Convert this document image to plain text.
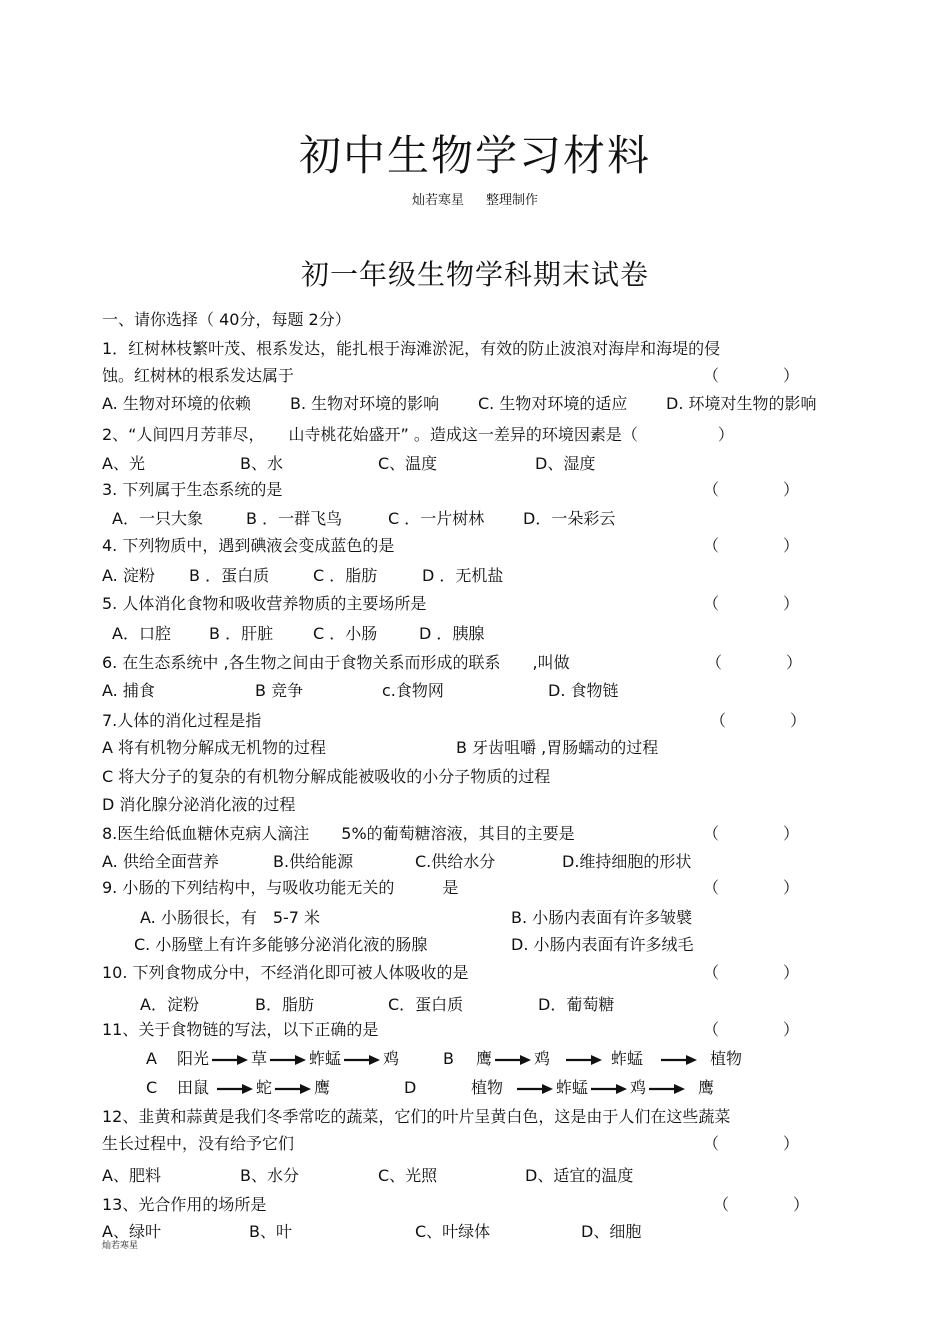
初中生物学习材料
灿若寒星 整理制作
初一年级生物学科期末试卷
一、请你选择（ 40分，每题 2分）
1．红树林枝繁叶茂、根系发达，能扎根于海滩淤泥，有效的防止波浪对海岸和海堤的侵
蚀。红树林的根系发达属于	（　　　　）
A. 生物对环境的依赖 B. 生物对环境的影响 C. 生物对环境的适应 D. 环境对生物的影响
2、“人间四月芳菲尽，　　山寺桃花始盛开” 。造成这一差异的环境因素是（　　　　　）
A、光	B、水	C、温度	D、湿度
3. 下列属于生态系统的是	（　　　　）
A．一只大象	B ．一群飞鸟	C ．一片树林 D．一朵彩云
4. 下列物质中，遇到碘液会变成蓝色的是	（　　　　）
A. 淀粉 B ．蛋白质	C ．脂肪	D ．无机盐
5. 人体消化食物和吸收营养物质的主要场所是	（　　　　）
A．口腔 B ．肝脏 C ．小肠	D ．胰腺
6. 在生态系统中 ,各生物之间由于食物关系而形成的联系　　,叫做	（　　　　）
A. 捕食	B 竞争	c.食物网	D. 食物链
7.人体的消化过程是指	（　　　　）
A 将有机物分解成无机物的过程	B 牙齿咀嚼 ,胃肠蠕动的过程
C 将大分子的复杂的有机物分解成能被吸收的小分子物质的过程
D 消化腺分泌消化液的过程
8.医生给低血糖休克病人滴注　　5%的葡萄糖溶液，其目的主要是	（　　　　）
A. 供给全面营养	B.供给能源	C.供给水分	D.维持细胞的形状
9. 小肠的下列结构中，与吸收功能无关的　　　是	（　　　　）
A. 小肠很长，有　5-7 米	B. 小肠内表面有许多皱襞
C. 小肠壁上有许多能够分泌消化液的肠腺	D. 小肠内表面有许多绒毛
10. 下列食物成分中，不经消化即可被人体吸收的是	（　　　　）
A．淀粉	B．脂肪	C．蛋白质	D．葡萄糖
11、关于食物链的写法，以下正确的是	（　　　　）
A 阳光	草	蚱蜢	鸡	B 鹰	鸡	蚱蜢	植物
C 田鼠	蛇	鹰	D	植物	蚱蜢	鸡	鹰
12、韭黄和蒜黄是我们冬季常吃的蔬菜，它们的叶片呈黄白色，这是由于人们在这些蔬菜
生长过程中，没有给予它们	（　　　　）
A、肥料	B、水分	C、光照	D、适宜的温度
13、光合作用的场所是	（　　　　）
A、绿叶	B、叶	C、叶绿体	D、细胞
灿若寒星
